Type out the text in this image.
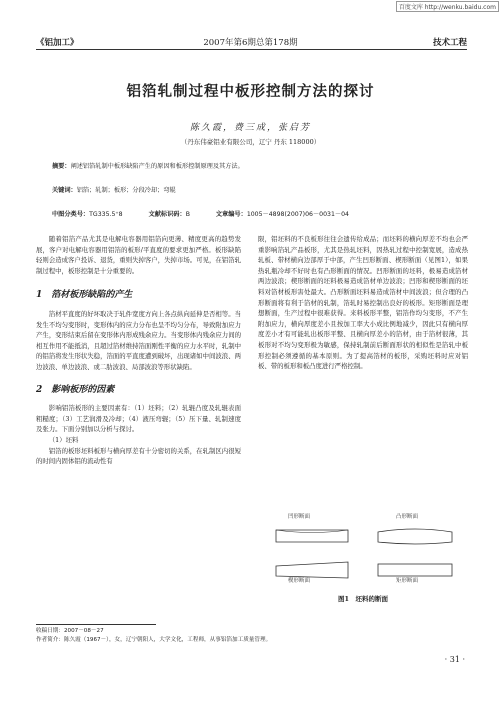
百度文库 http://wenku.baidu.com
《铝加工》	2007年第6期总第178期	技术工程
铝箔轧制过程中板形控制方法的探讨
陈久霞，费三成，张启芳
（丹东伟豪铝业有限公司，辽宁 丹东 118000）
摘要：阐述铝箔轧制中板形缺陷产生的原因和板形控制原理及其方法。
关键词：铝箔；轧制；板形；分段冷却；弯辊
中图分类号：TG335.5⁺8	文献标识码：B	文章编号：1005－4898(2007)06－0031－04

随着铝箔产品尤其是电解电容器用铝箔向更薄、精度更高的趋势发展，客户对电解电容器用铝箔的板形/平直度的要求更加严格。板形缺陷轻则会造成客户投诉、退货，重则失掉客户，失掉市场。可见，在铝箔轧制过程中，板形控制是十分重要的。

1　箔材板形缺陷的产生

箔材平直度的好坏取决于轧件宽度方向上各点纵向延伸是否相等。当发生不均匀变形时，变形体内的应力分布也呈不均匀分布，导致附加应力产生，变形结束后留在变形体内形成残余应力。当变形体内残余应力间的相互作用不能抵消，且超过箔材维持箔面刚性平衡的应力水平时，轧制中的铝箔将发生形状失稳，箔面的平直度遭到破坏，出现诸如中间波浪、两边波浪、单边波浪、或二肋波浪、局部波浪等形状缺陷。

2　影响板形的因素

影响铝箔板形的主要因素有：（1）坯料；（2）轧辊凸度及轧辊表面粗糙度；（3）工艺润滑及冷却；（4）液压弯辊；（5）压下量、轧制速度及张力。下面分别加以分析与探讨。

（1）坯料

铝箔的板形坯料板形与横向厚差有十分密切的关系，在轧制区内很短的时间内固体铝的流动性有

限，铝坯料的不良板形往往会遗传给成品；而坯料的横向厚差不均也会严重影响箔轧产品板形，尤其是热轧坯料，因热轧过程中控制宽展，造成热轧板、带材横向边部厚于中部，产生凹形断面、楔形断面（见图1），如果热轧瓶冷却不好时也有凸形断面的情况。凹形断面的坯料，极易造成箔材两边波浪；楔形断面的坯料极易造成箔材单边波浪；凹形和楔形断面的坯料对箔材板形害处最大。凸形断面坯料易造成箔材中间波浪；但合理的凸形断面将有利于箔材的轧制，箔轧时易控制出良好的板形。矩形断面是理想断面，生产过程中很难获得。来料板形平整，铝箔作均匀变形，不产生附加应力，横向厚度差小且按加工率大小成比例地减少，因此只有横向厚度差小才有可能轧出板形平整、且横向厚差小的箔材，由于箔材很薄，其板形对不均匀变形极为敏感，保持轧制前后断面形状的相似性是箔轧中板形控制必须遵循的基本原则。为了提高箔材的板形，采购坯料时应对铝板、带的板形和板凸度进行严格控制。

凹形断面	凸形断面
楔形断面	矩形断面
图1　坯料的断面
收稿日期：2007－08－27
作者简介：陈久霞（1967－），女，辽宁朝阳人，大学文化，工程师，从事铝箔加工质量管理。
· 31 ·
